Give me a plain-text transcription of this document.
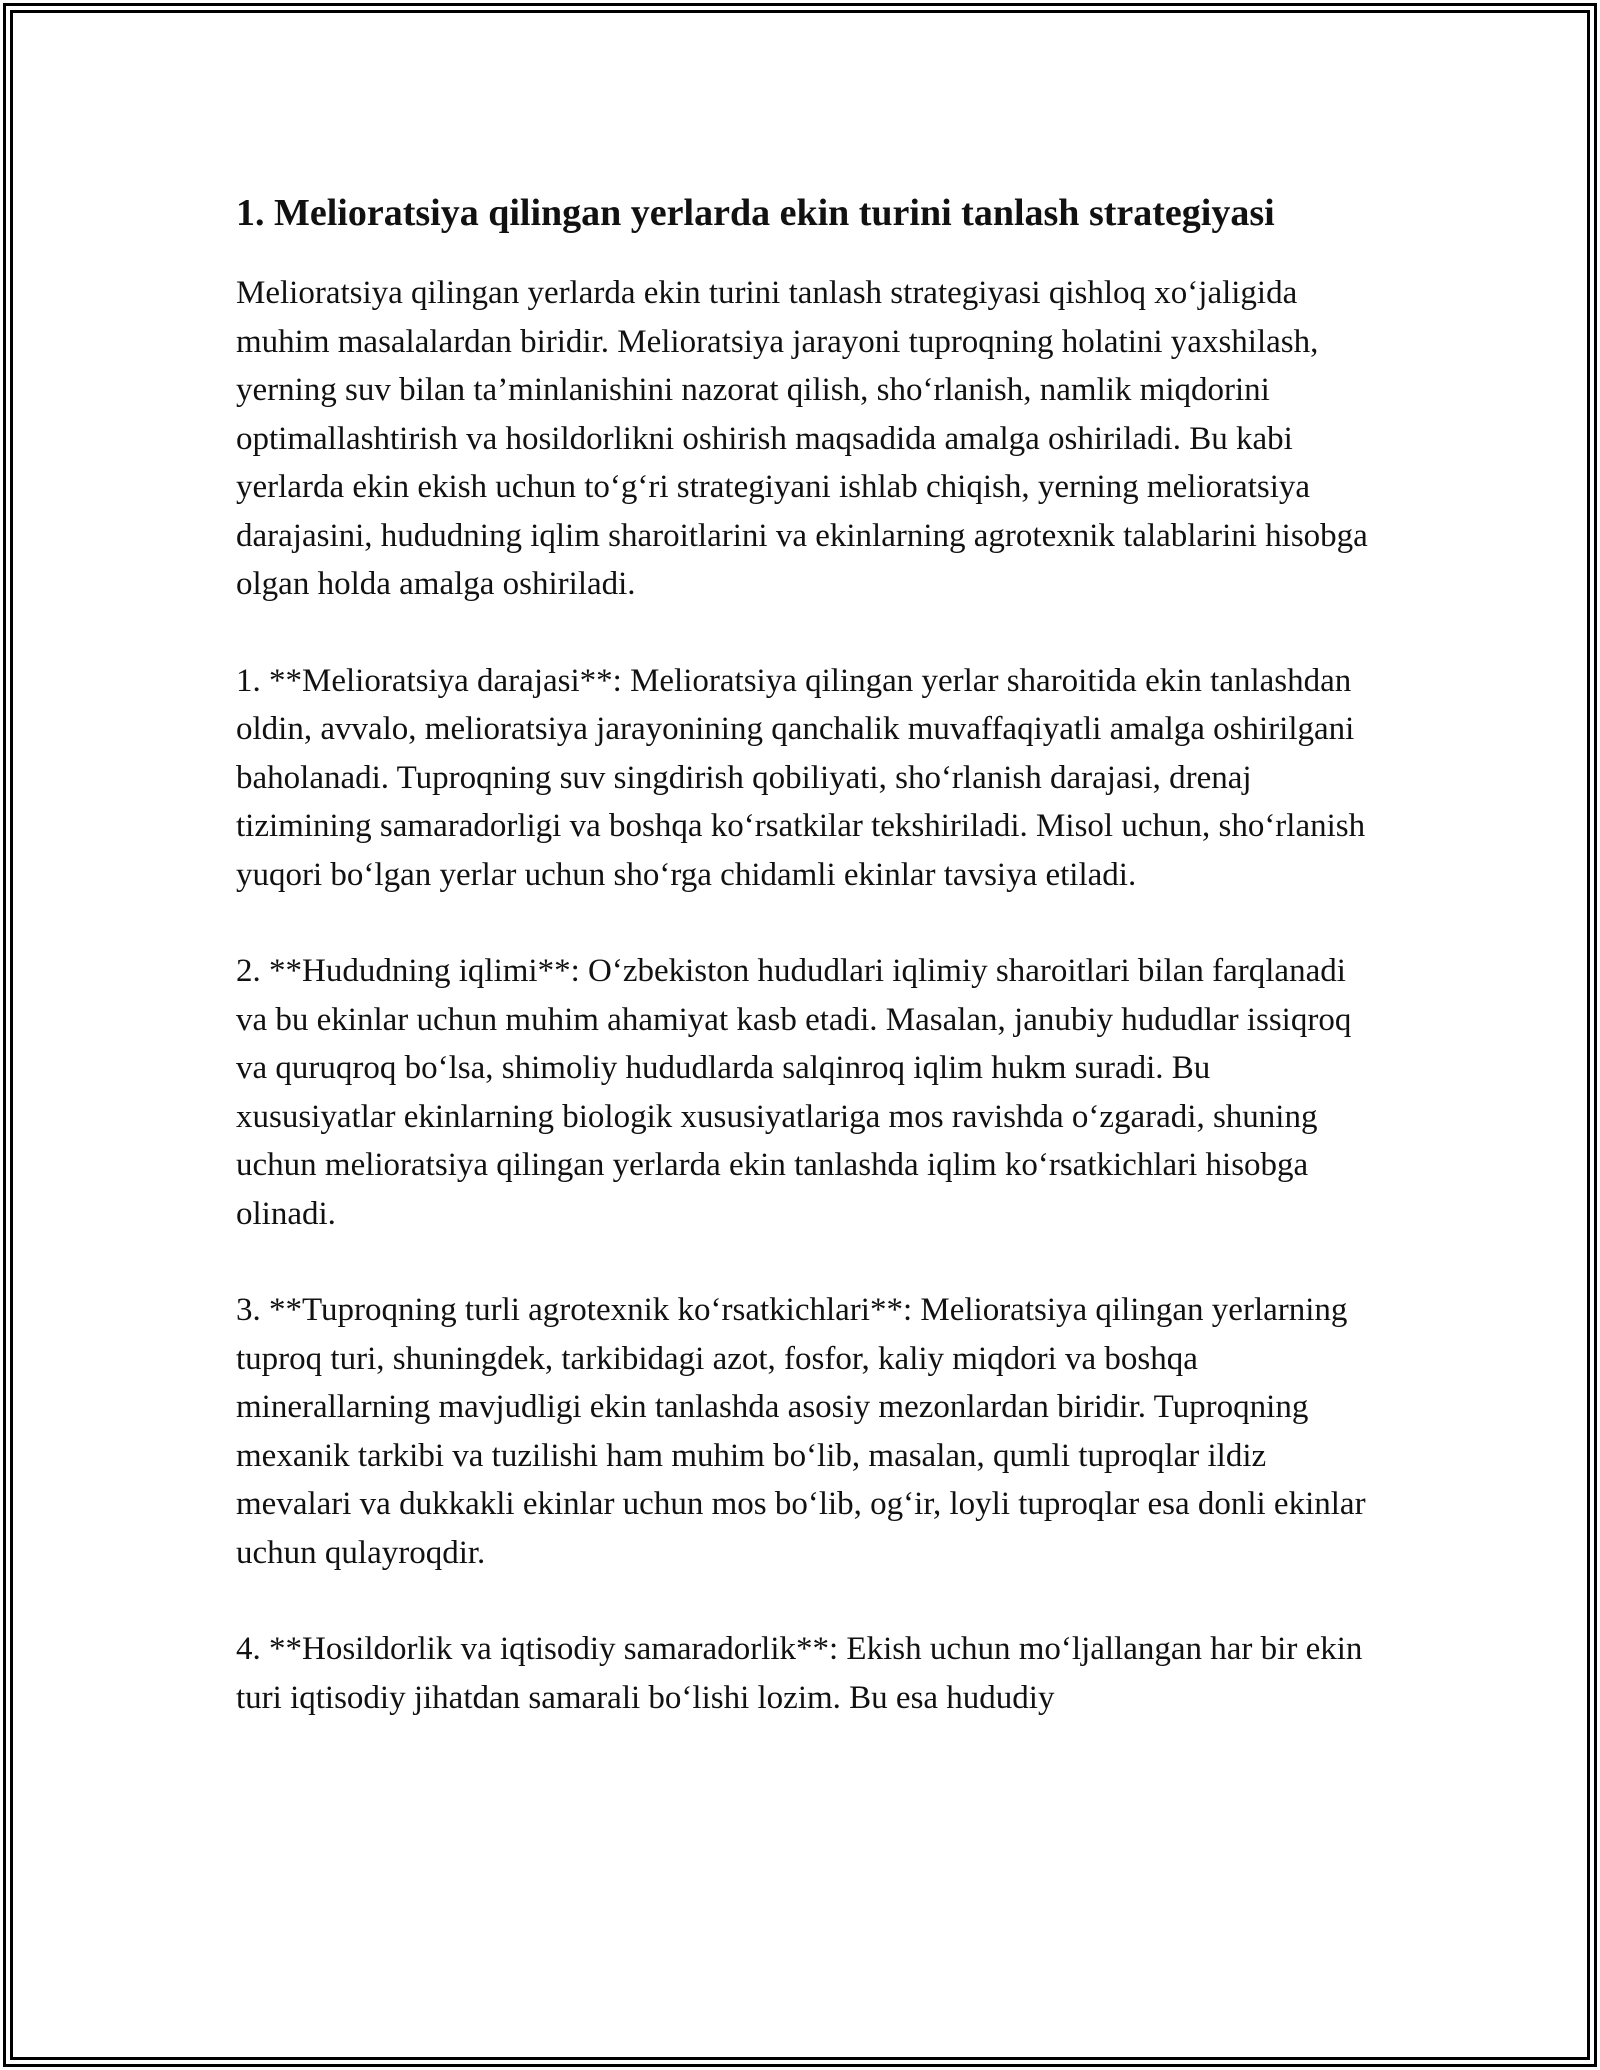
1. Melioratsiya qilingan yerlarda ekin turini tanlash strategiyasi

Melioratsiya qilingan yerlarda ekin turini tanlash strategiyasi qishloq xo‘jaligida muhim masalalardan biridir. Melioratsiya jarayoni tuproqning holatini yaxshilash, yerning suv bilan ta’minlanishini nazorat qilish, sho‘rlanish, namlik miqdorini optimallashtirish va hosildorlikni oshirish maqsadida amalga oshiriladi. Bu kabi yerlarda ekin ekish uchun to‘g‘ri strategiyani ishlab chiqish, yerning melioratsiya darajasini, hududning iqlim sharoitlarini va ekinlarning agrotexnik talablarini hisobga olgan holda amalga oshiriladi.

1. **Melioratsiya darajasi**: Melioratsiya qilingan yerlar sharoitida ekin tanlashdan oldin, avvalo, melioratsiya jarayonining qanchalik muvaffaqiyatli amalga oshirilgani baholanadi. Tuproqning suv singdirish qobiliyati, sho‘rlanish darajasi, drenaj tizimining samaradorligi va boshqa ko‘rsatkilar tekshiriladi. Misol uchun, sho‘rlanish yuqori bo‘lgan yerlar uchun sho‘rga chidamli ekinlar tavsiya etiladi.

2. **Hududning iqlimi**: O‘zbekiston hududlari iqlimiy sharoitlari bilan farqlanadi va bu ekinlar uchun muhim ahamiyat kasb etadi. Masalan, janubiy hududlar issiqroq va quruqroq bo‘lsa, shimoliy hududlarda salqinroq iqlim hukm suradi. Bu xususiyatlar ekinlarning biologik xususiyatlariga mos ravishda o‘zgaradi, shuning uchun melioratsiya qilingan yerlarda ekin tanlashda iqlim ko‘rsatkichlari hisobga olinadi.

3. **Tuproqning turli agrotexnik ko‘rsatkichlari**: Melioratsiya qilingan yerlarning tuproq turi, shuningdek, tarkibidagi azot, fosfor, kaliy miqdori va boshqa minerallarning mavjudligi ekin tanlashda asosiy mezonlardan biridir. Tuproqning mexanik tarkibi va tuzilishi ham muhim bo‘lib, masalan, qumli tuproqlar ildiz mevalari va dukkakli ekinlar uchun mos bo‘lib, og‘ir, loyli tuproqlar esa donli ekinlar uchun qulayroqdir.

4. **Hosildorlik va iqtisodiy samaradorlik**: Ekish uchun mo‘ljallangan har bir ekin turi iqtisodiy jihatdan samarali bo‘lishi lozim. Bu esa hududiy
